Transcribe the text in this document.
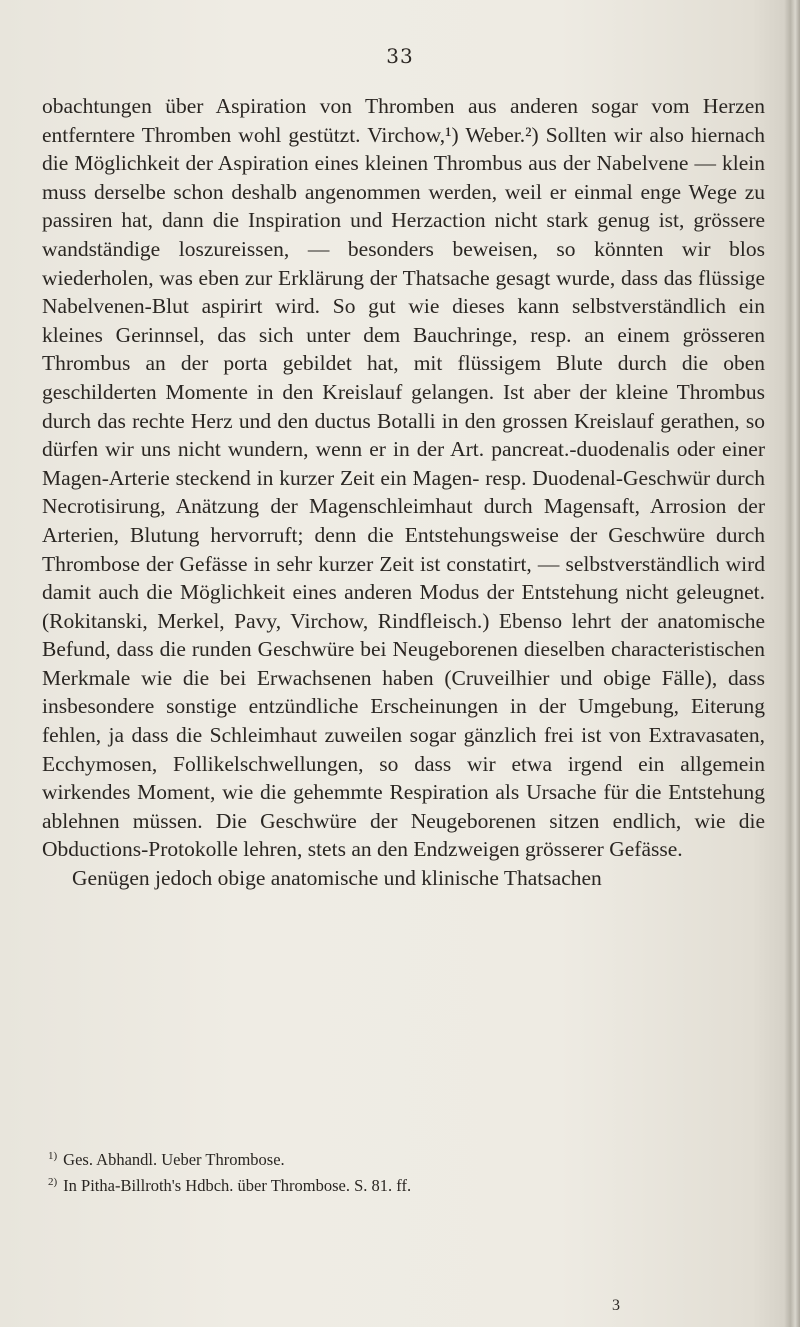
33

obachtungen über Aspiration von Thromben aus anderen sogar vom Herzen entferntere Thromben wohl gestützt. Virchow,¹) Weber.²) Sollten wir also hiernach die Möglichkeit der Aspiration eines kleinen Thrombus aus der Nabelvene — klein muss derselbe schon deshalb angenommen werden, weil er einmal enge Wege zu passiren hat, dann die Inspiration und Herzaction nicht stark genug ist, grössere wandständige loszureissen, — besonders beweisen, so könnten wir blos wiederholen, was eben zur Erklärung der Thatsache gesagt wurde, dass das flüssige Nabelvenen-Blut aspirirt wird. So gut wie dieses kann selbstverständlich ein kleines Gerinnsel, das sich unter dem Bauchringe, resp. an einem grösseren Thrombus an der porta gebildet hat, mit flüssigem Blute durch die oben geschilderten Momente in den Kreislauf gelangen. Ist aber der kleine Thrombus durch das rechte Herz und den ductus Botalli in den grossen Kreislauf gerathen, so dürfen wir uns nicht wundern, wenn er in der Art. pancreat.-duodenalis oder einer Magen-Arterie steckend in kurzer Zeit ein Magen- resp. Duodenal-Geschwür durch Necrotisirung, Anätzung der Magenschleimhaut durch Magensaft, Arrosion der Arterien, Blutung hervorruft; denn die Entstehungsweise der Geschwüre durch Thrombose der Gefässe in sehr kurzer Zeit ist constatirt, — selbstverständlich wird damit auch die Möglichkeit eines anderen Modus der Entstehung nicht geleugnet. (Rokitanski, Merkel, Pavy, Virchow, Rindfleisch.) Ebenso lehrt der anatomische Befund, dass die runden Geschwüre bei Neugeborenen dieselben characteristischen Merkmale wie die bei Erwachsenen haben (Cruveilhier und obige Fälle), dass insbesondere sonstige entzündliche Erscheinungen in der Umgebung, Eiterung fehlen, ja dass die Schleimhaut zuweilen sogar gänzlich frei ist von Extravasaten, Ecchymosen, Follikelschwellungen, so dass wir etwa irgend ein allgemein wirkendes Moment, wie die gehemmte Respiration als Ursache für die Entstehung ablehnen müssen. Die Geschwüre der Neugeborenen sitzen endlich, wie die Obductions-Protokolle lehren, stets an den Endzweigen grösserer Gefässe.

Genügen jedoch obige anatomische und klinische Thatsachen

$^{1)}$ Ges. Abhandl. Ueber Thrombose.
$^{2)}$ In Pitha-Billroth's Hdbch. über Thrombose. S. 81. ff.
3
